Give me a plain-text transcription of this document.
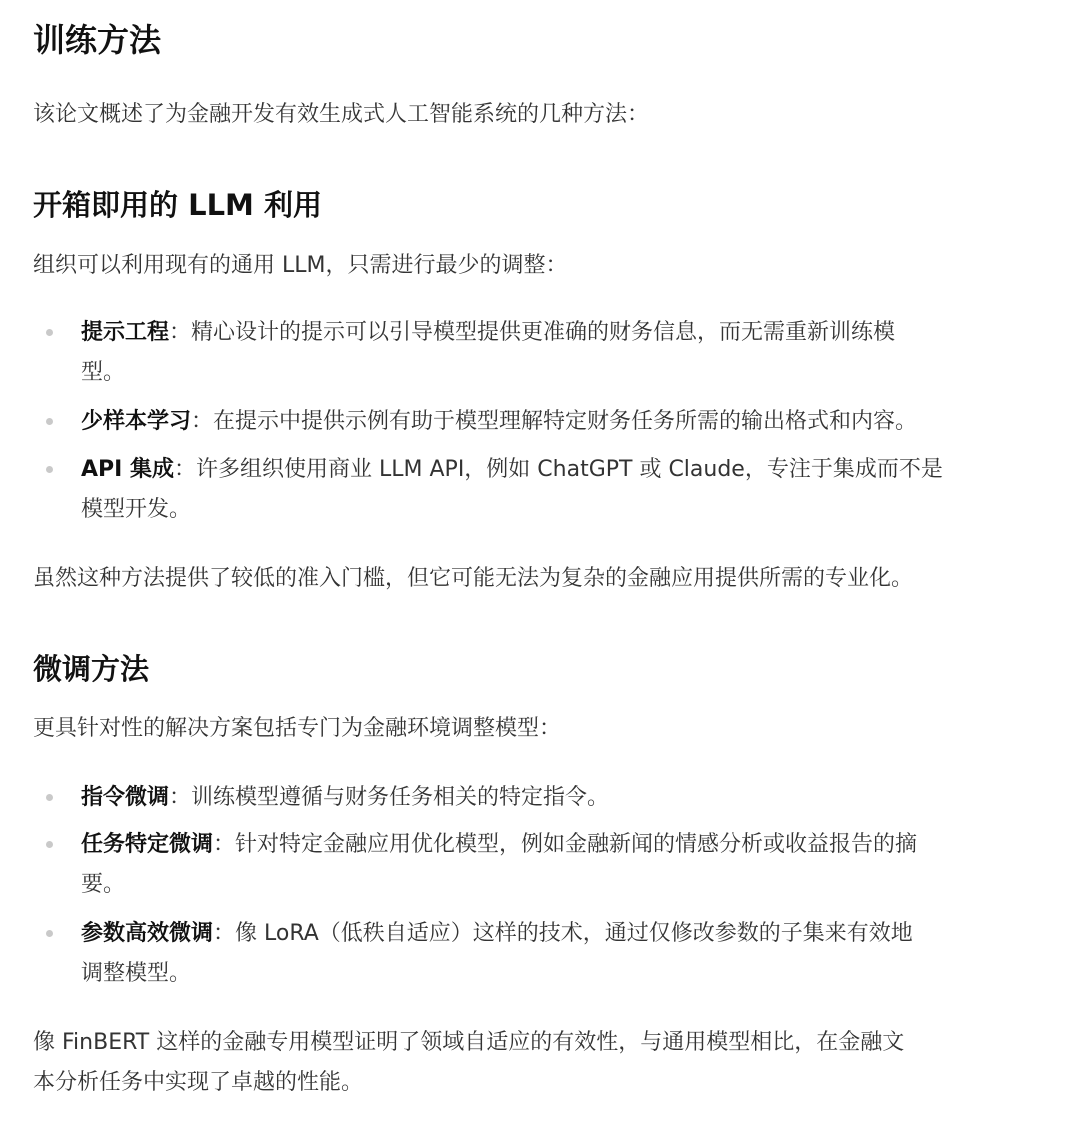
训练方法
该论文概述了为金融开发有效生成式人工智能系统的几种方法：
开箱即用的 LLM 利用
组织可以利用现有的通用 LLM，只需进行最少的调整：
提示工程：精心设计的提示可以引导模型提供更准确的财务信息，而无需重新训练模
型。
少样本学习：在提示中提供示例有助于模型理解特定财务任务所需的输出格式和内容。
API 集成：许多组织使用商业 LLM API，例如 ChatGPT 或 Claude，专注于集成而不是
模型开发。
虽然这种方法提供了较低的准入门槛，但它可能无法为复杂的金融应用提供所需的专业化。
微调方法
更具针对性的解决方案包括专门为金融环境调整模型：
指令微调：训练模型遵循与财务任务相关的特定指令。
任务特定微调：针对特定金融应用优化模型，例如金融新闻的情感分析或收益报告的摘
要。
参数高效微调：像 LoRA（低秩自适应）这样的技术，通过仅修改参数的子集来有效地
调整模型。
像 FinBERT 这样的金融专用模型证明了领域自适应的有效性，与通用模型相比，在金融文
本分析任务中实现了卓越的性能。
